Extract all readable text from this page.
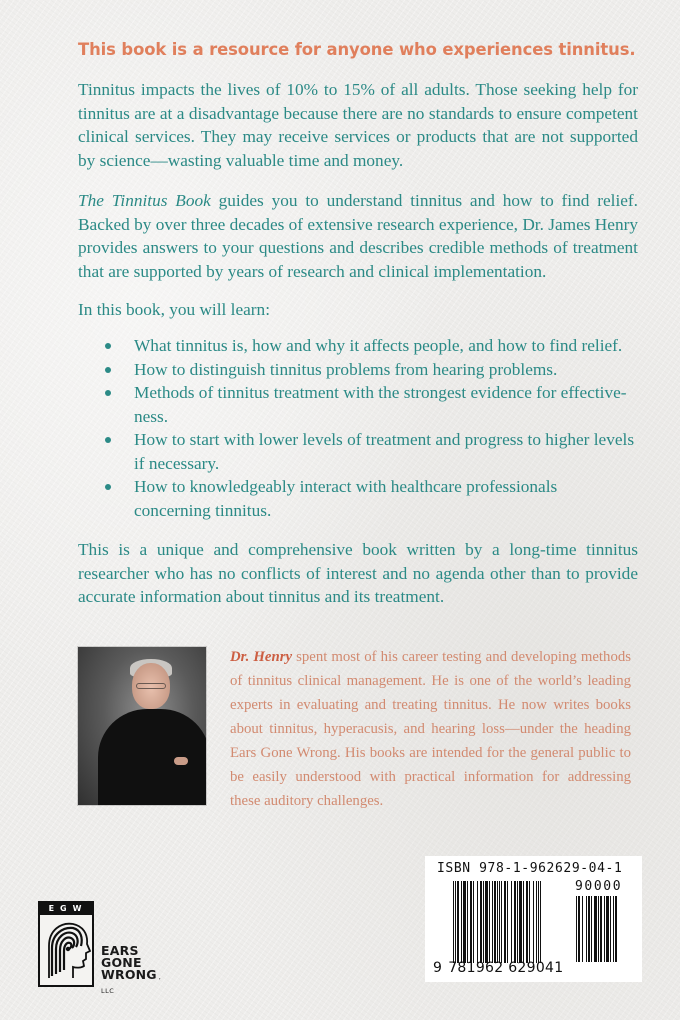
This book is a resource for anyone who experiences tinnitus.

Tinnitus impacts the lives of 10% to 15% of all adults. Those seeking help for tinnitus are at a disadvantage because there are no standards to ensure competent clinical services. They may receive services or products that are not supported by science—wasting valuable time and money.

The Tinnitus Book guides you to understand tinnitus and how to find relief. Backed by over three decades of extensive research experience, Dr. James Henry provides answers to your questions and describes credible methods of treatment that are supported by years of research and clinical implementation.

In this book, you will learn:

What tinnitus is, how and why it affects people, and how to find relief.
How to distinguish tinnitus problems from hearing problems.
Methods of tinnitus treatment with the strongest evidence for effective-ness.
How to start with lower levels of treatment and progress to higher levels if necessary.
How to knowledgeably interact with healthcare professionals concerning tinnitus.

This is a unique and comprehensive book written by a long-time tinnitus researcher who has no conflicts of interest and no agenda other than to provide accurate information about tinnitus and its treatment.

Dr. Henry spent most of his career testing and developing methods of tinnitus clinical management. He is one of the world’s leading experts in evaluating and treating tinnitus. He now writes books about tinnitus, hyperacusis, and hearing loss—under the heading Ears Gone Wrong. His books are intended for the general public to be easily understood with practical information for addressing these auditory challenges.

ISBN 978-1-962629-04-1
90000
9 781962 629041
EGW
EARS
GONE
WRONG , LLC
